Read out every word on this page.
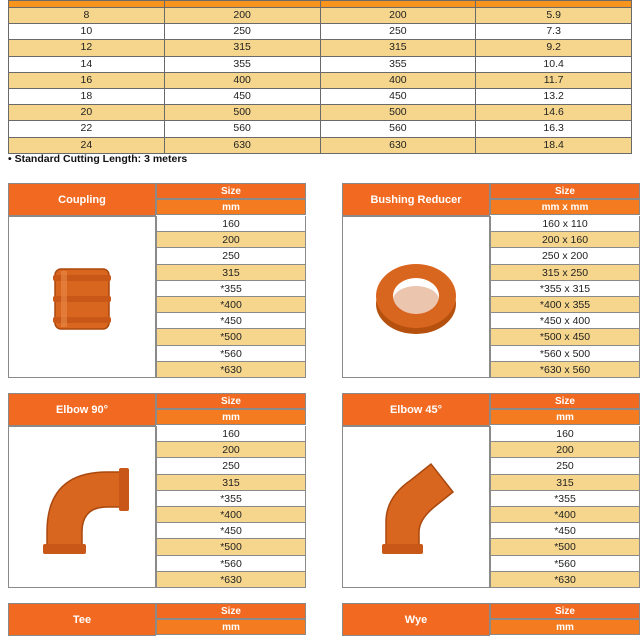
8	200	200	5.9
10	250	250	7.3
12	315	315	9.2
14	355	355	10.4
16	400	400	11.7
18	450	450	13.2
20	500	500	14.6
22	560	560	16.3
24	630	630	18.4
• Standard Cutting Length: 3 meters
Coupling
Size
mm
160
200
250
315
*355
*400
*450
*500
*560
*630
Bushing Reducer
Size
mm x mm
160 x 110
200 x 160
250 x 200
315 x 250
*355 x 315
*400 x 355
*450 x 400
*500 x 450
*560 x 500
*630 x 560
Elbow 90°
Size
mm
160
200
250
315
*355
*400
*450
*500
*560
*630
Elbow 45°
Size
mm
160
200
250
315
*355
*400
*450
*500
*560
*630
Tee
Size
mm
Wye
Size
mm
